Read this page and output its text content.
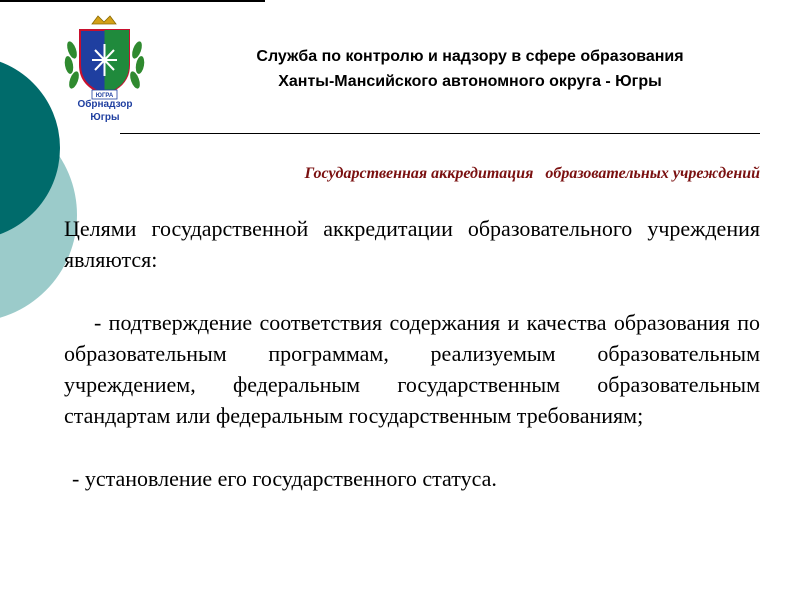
ЮГРА
Обрнадзор
Югры
Служба по контролю и надзору в сфере образования
Ханты-Мансийского автономного округа - Югры
Государственная аккредитация   образовательных учреждений

Целями государственной аккредитации образовательного учреждения являются:

- подтверждение соответствия содержания и качества образования по образовательным программам, реализуемым образовательным учреждением, федеральным государственным образовательным стандартам или федеральным государственным требованиям;

- установление его государственного статуса.
